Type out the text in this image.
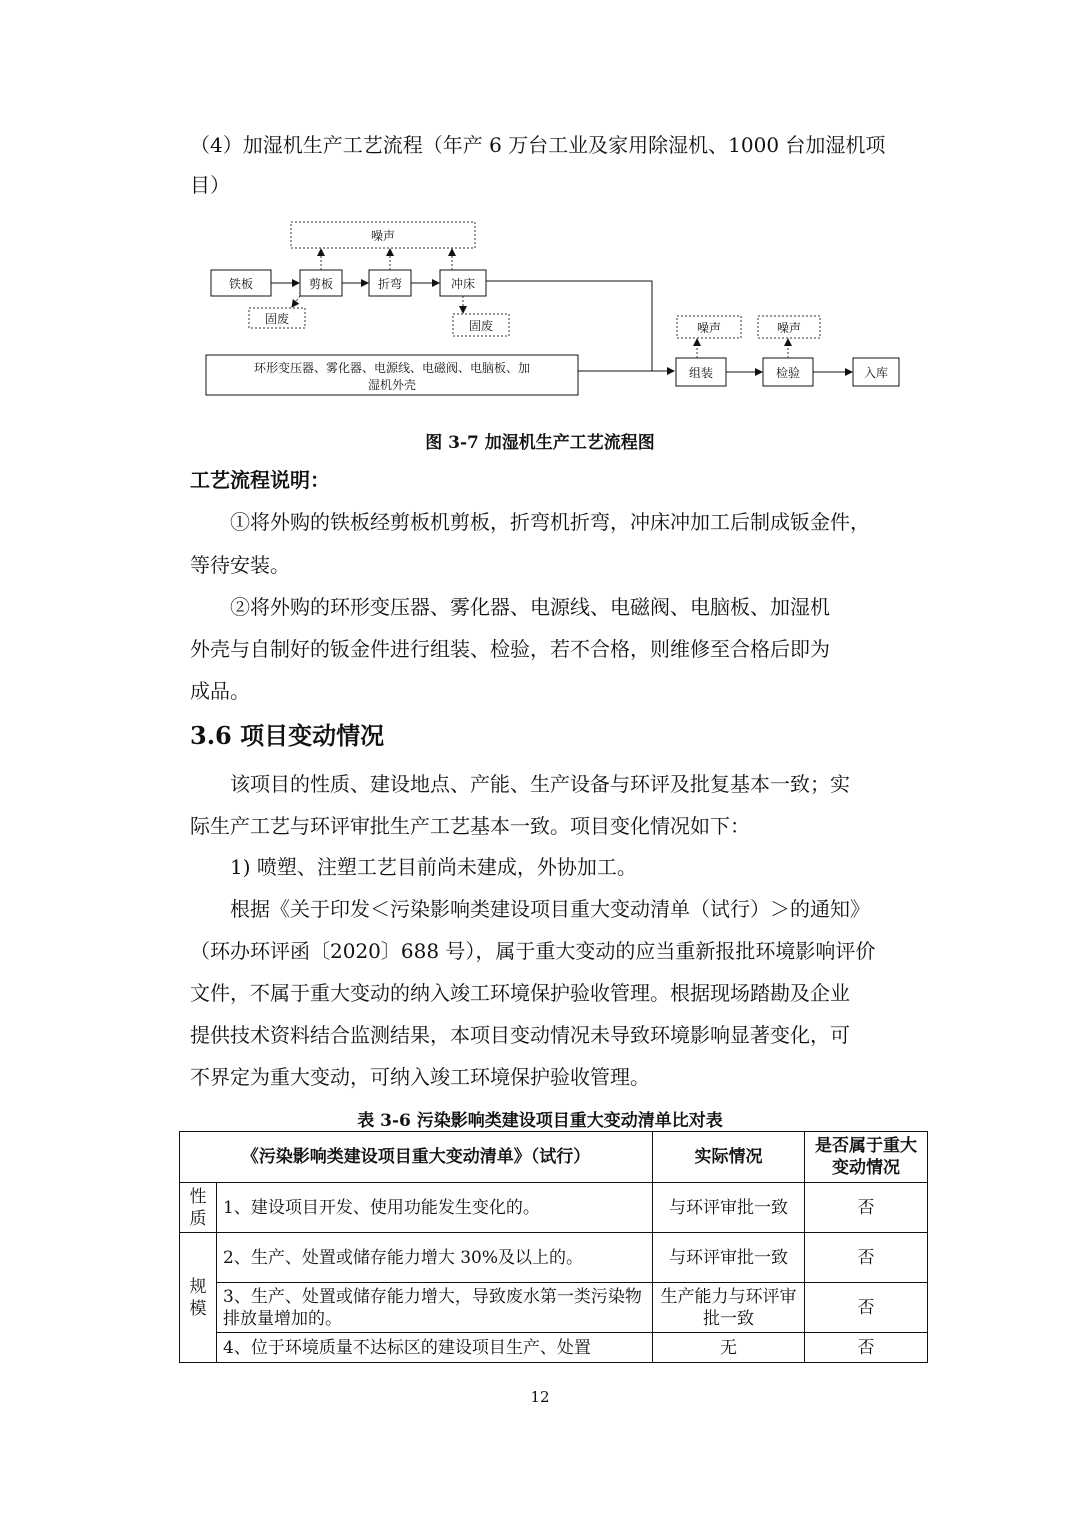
（4）加湿机生产工艺流程（年产 6 万台工业及家用除湿机、1000 台加湿机项

目）

噪声
铁板	剪板	折弯	冲床
固废	固废
环形变压器、雾化器、电源线、电磁阀、电脑板、加
湿机外壳
组装	检验	入库
噪声	噪声
图 3-7 加湿机生产工艺流程图

工艺流程说明：

①将外购的铁板经剪板机剪板，折弯机折弯，冲床冲加工后制成钣金件，

等待安装。

②将外购的环形变压器、雾化器、电源线、电磁阀、电脑板、加湿机

外壳与自制好的钣金件进行组装、检验，若不合格，则维修至合格后即为

成品。

3.6 项目变动情况

该项目的性质、建设地点、产能、生产设备与环评及批复基本一致；实

际生产工艺与环评审批生产工艺基本一致。项目变化情况如下：

1) 喷塑、注塑工艺目前尚未建成，外协加工。

根据《关于印发＜污染影响类建设项目重大变动清单（试行）＞的通知》

（环办环评函〔2020〕688 号），属于重大变动的应当重新报批环境影响评价

文件，不属于重大变动的纳入竣工环境保护验收管理。根据现场踏勘及企业

提供技术资料结合监测结果，本项目变动情况未导致环境影响显著变化，可

不界定为重大变动，可纳入竣工环境保护验收管理。

表 3-6 污染影响类建设项目重大变动清单比对表
《污染影响类建设项目重大变动清单》（试行）		实际情况	是否属于重大变动情况
性质	1、建设项目开发、使用功能发生变化的。	与环评审批一致	否
规模	2、生产、处置或储存能力增大 30%及以上的。	与环评审批一致	否
	3、生产、处置或储存能力增大，导致废水第一类污染物排放量增加的。	生产能力与环评审批一致	否
	4、位于环境质量不达标区的建设项目生产、处置	无	否
12
